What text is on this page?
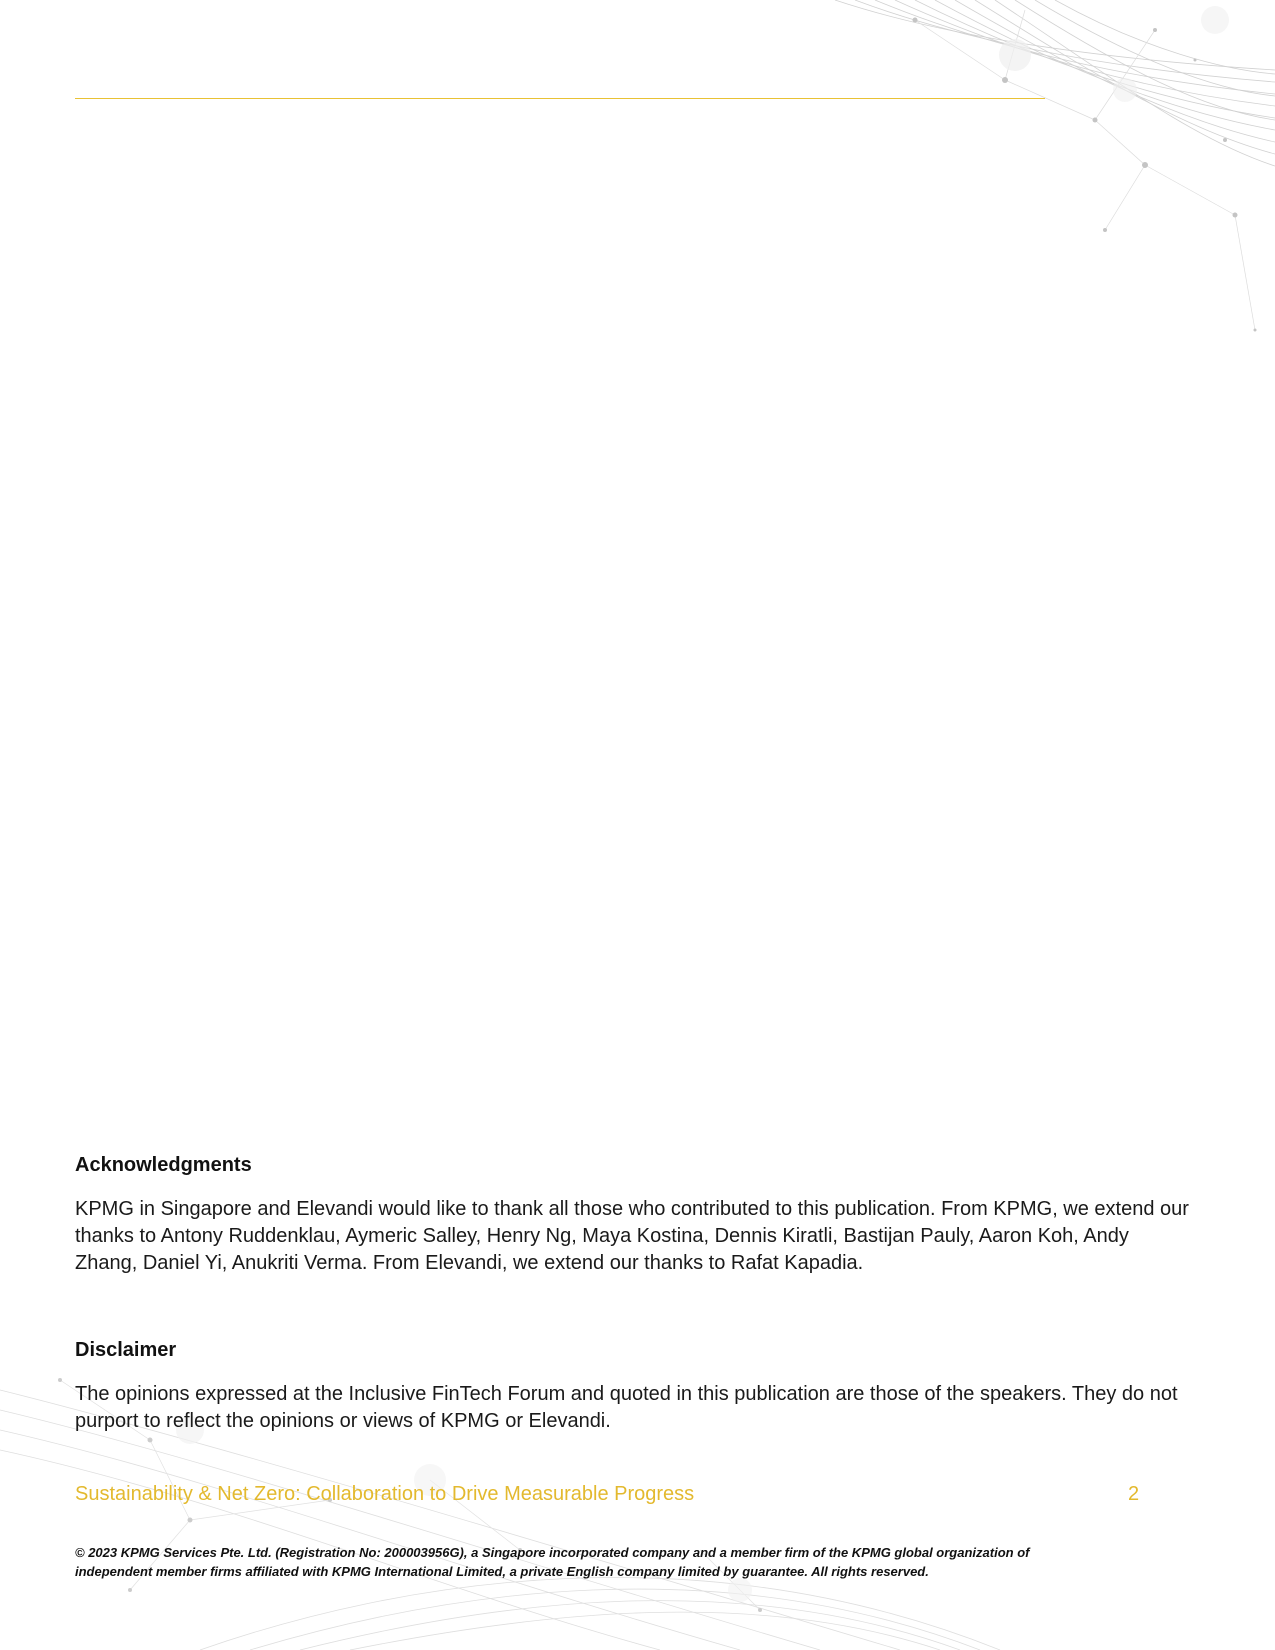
Acknowledgments

KPMG in Singapore and Elevandi would like to thank all those who contributed to this publication. From KPMG, we extend our thanks to Antony Ruddenklau, Aymeric Salley, Henry Ng, Maya Kostina, Dennis Kiratli, Bastijan Pauly, Aaron Koh, Andy Zhang, Daniel Yi, Anukriti Verma. From Elevandi, we extend our thanks to Rafat Kapadia.

Disclaimer

The opinions expressed at the Inclusive FinTech Forum and quoted in this publication are those of the speakers. They do not purport to reflect the opinions or views of KPMG or Elevandi.

Sustainability & Net Zero: Collaboration to Drive Measurable Progress	2

© 2023 KPMG Services Pte. Ltd. (Registration No: 200003956G), a Singapore incorporated company and a member firm of the KPMG global organization of independent member firms affiliated with KPMG International Limited, a private English company limited by guarantee. All rights reserved.
